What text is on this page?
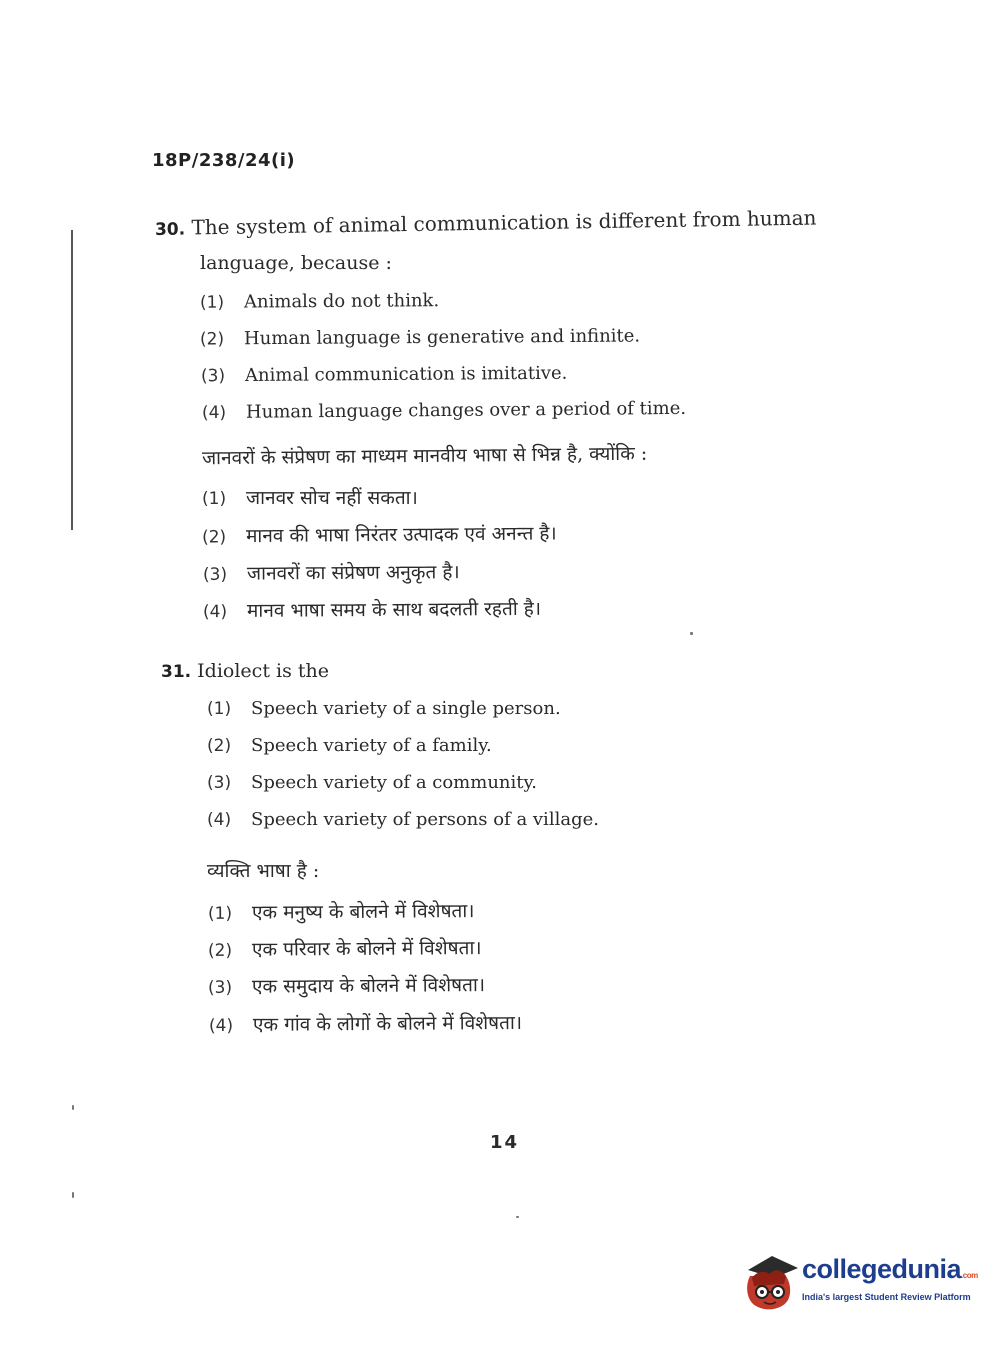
18P/238/24(i)
30. The system of animal communication is different from human
language, because :
(1) Animals do not think.
(2) Human language is generative and infinite.
(3) Animal communication is imitative.
(4) Human language changes over a period of time.
जानवरों के संप्रेषण का माध्यम मानवीय भाषा से भिन्न है, क्योंकि :
(1) जानवर सोच नहीं सकता।
(2) मानव की भाषा निरंतर उत्पादक एवं अनन्त है।
(3) जानवरों का संप्रेषण अनुकृत है।
(4) मानव भाषा समय के साथ बदलती रहती है।
31. Idiolect is the
(1) Speech variety of a single person.
(2) Speech variety of a family.
(3) Speech variety of a community.
(4) Speech variety of persons of a village.
व्यक्ति भाषा है :
(1) एक मनुष्य के बोलने में विशेषता।
(2) एक परिवार के बोलने में विशेषता।
(3) एक समुदाय के बोलने में विशेषता।
(4) एक गांव के लोगों के बोलने में विशेषता।
14
collegedunia.com
India's largest Student Review Platform
